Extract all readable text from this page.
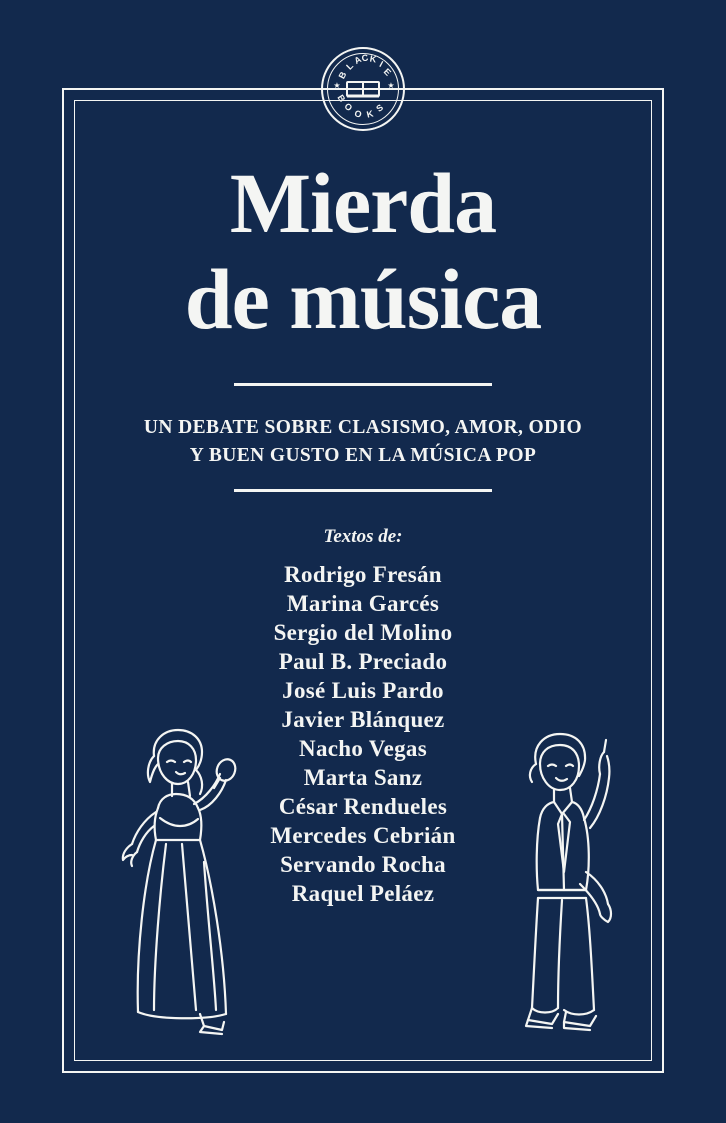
B
L
A
C K I
E
★
★
B
O
O K
S
Mierda
de música
UN DEBATE SOBRE CLASISMO, AMOR, ODIO
Y BUEN GUSTO EN LA MÚSICA POP
Textos de:
Rodrigo Fresán
Marina Garcés
Sergio del Molino
Paul B. Preciado
José Luis Pardo
Javier Blánquez
Nacho Vegas
Marta Sanz
César Rendueles
Mercedes Cebrián
Servando Rocha
Raquel Peláez
